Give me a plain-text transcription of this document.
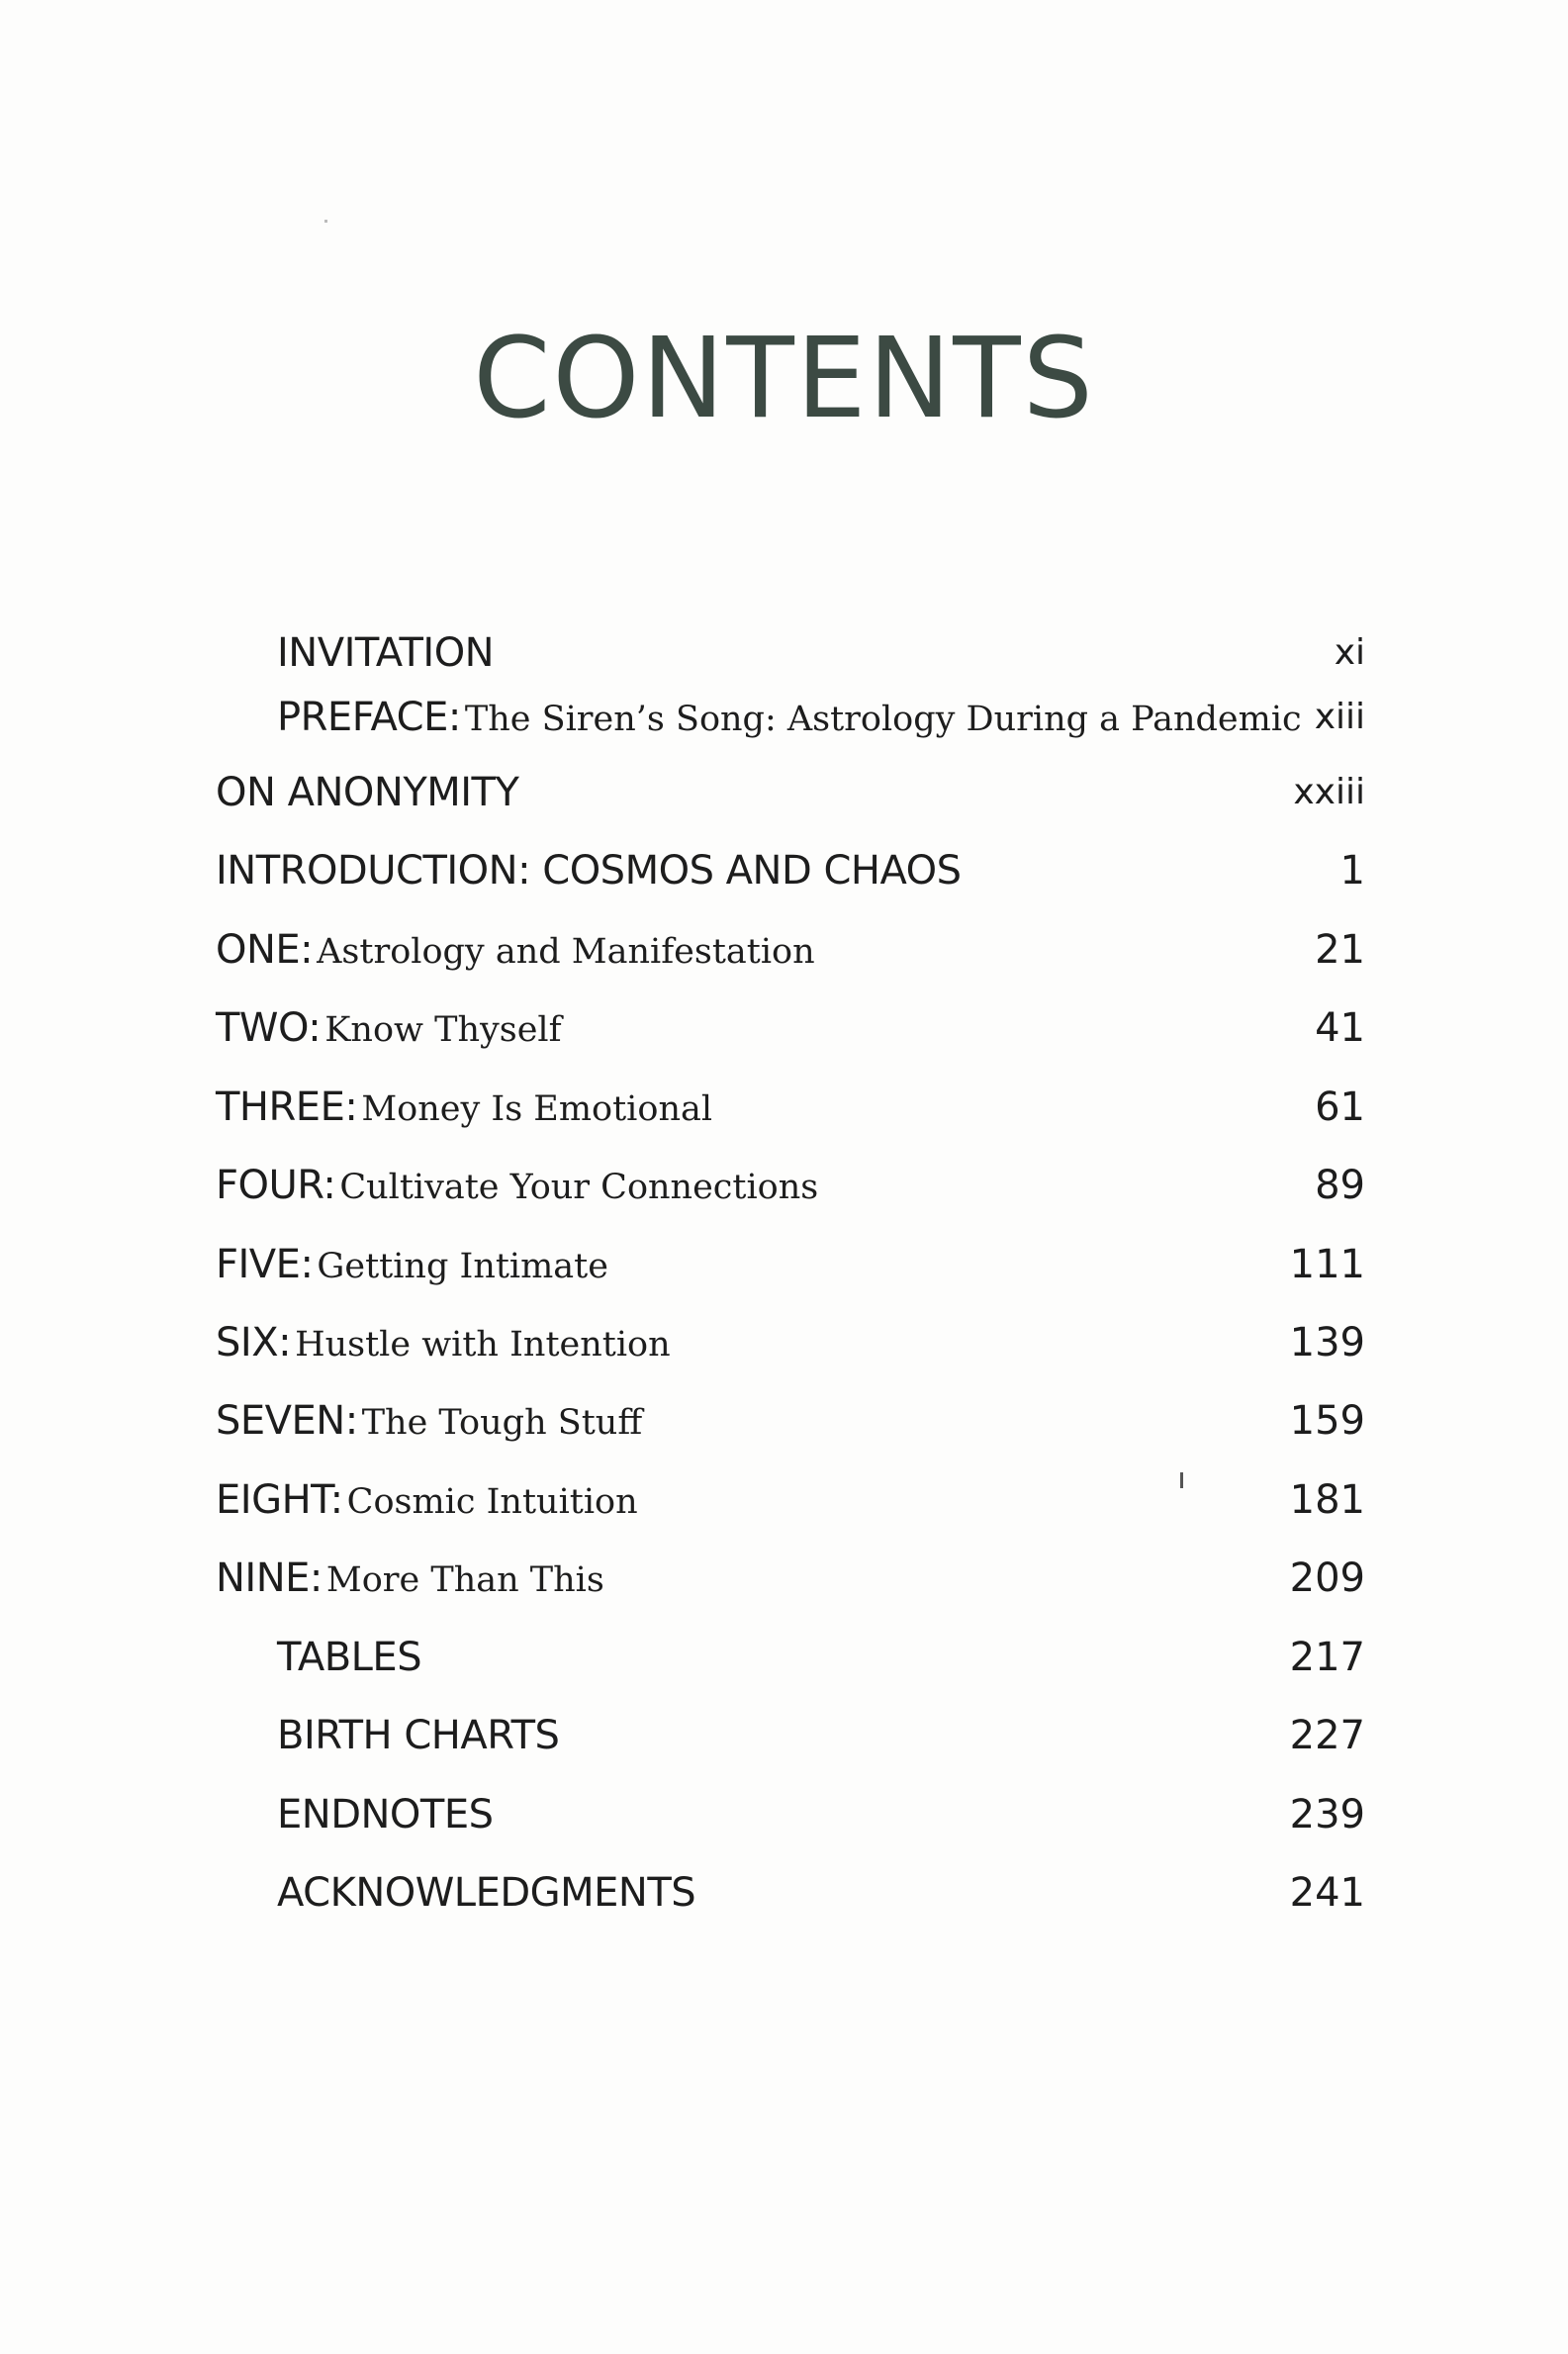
CONTENTS
INVITATION	xi
PREFACE: The Siren’s Song: Astrology During a Pandemic xiii
ON ANONYMITY	xxiii
INTRODUCTION: COSMOS AND CHAOS	1
ONE: Astrology and Manifestation	21
TWO: Know Thyself	41
THREE: Money Is Emotional	61
FOUR: Cultivate Your Connections	89
FIVE: Getting Intimate	111
SIX: Hustle with Intention	139
SEVEN: The Tough Stuff	159
EIGHT: Cosmic Intuition	181
NINE: More Than This	209
TABLES	217
BIRTH CHARTS	227
ENDNOTES	239
ACKNOWLEDGMENTS	241
